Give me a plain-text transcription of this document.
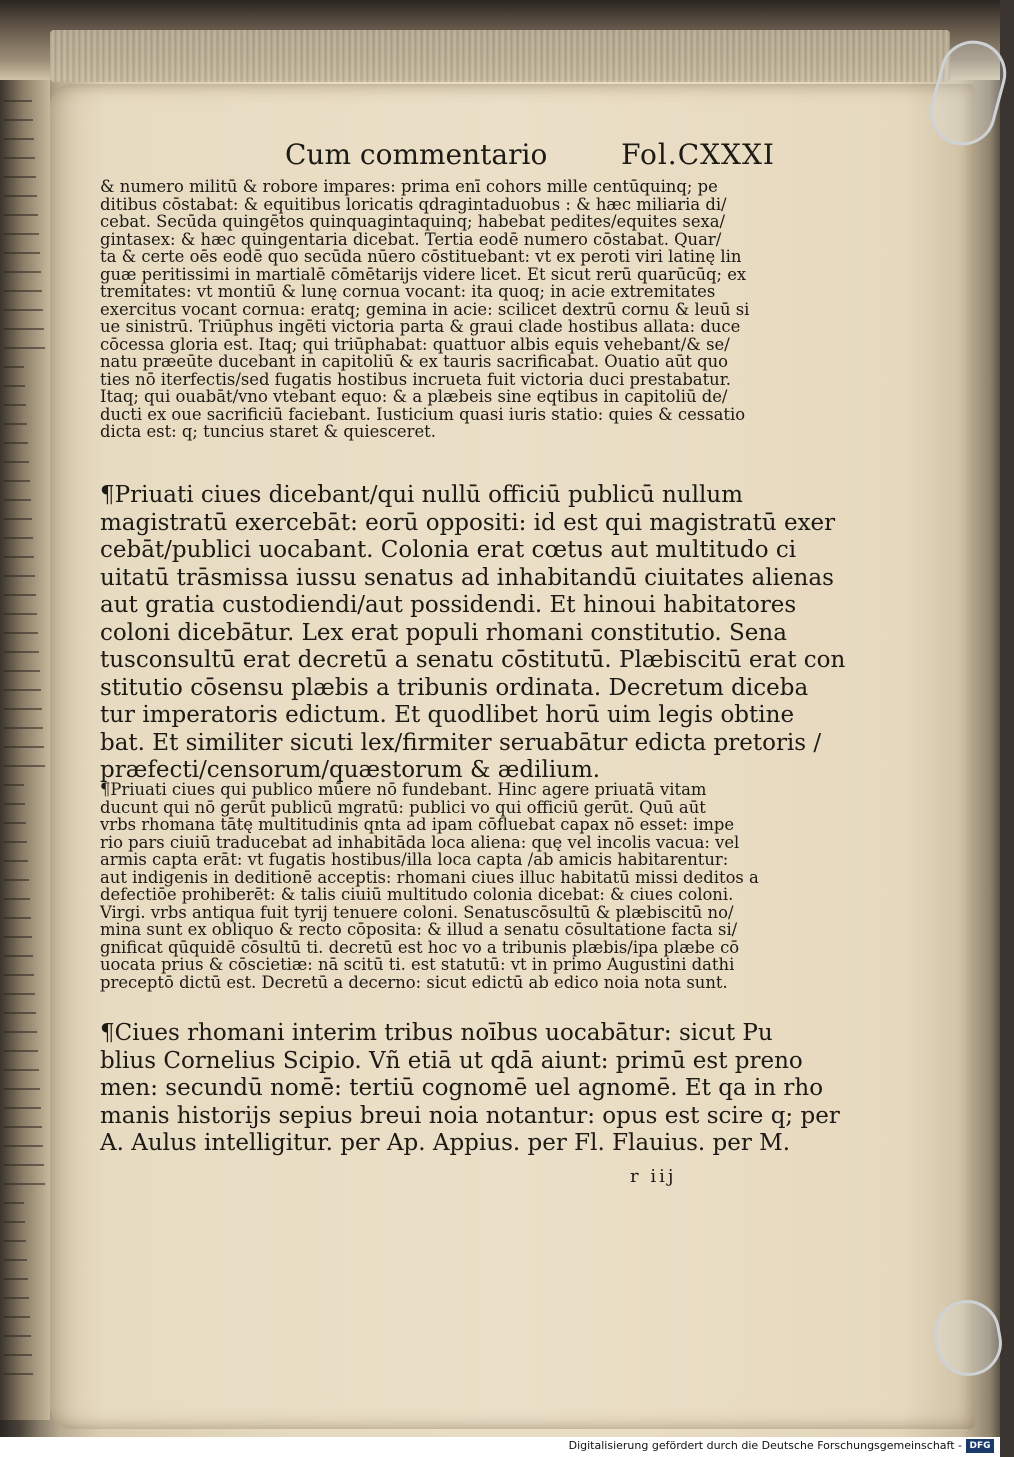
Cum commentario	Fol.CXXXI
& numero militū & robore impares: prima enī cohors mille centūquinq; pe
ditibus cōstabat: & equitibus loricatis qdragintaduobus : & hæc miliaria di/
cebat. Secūda quingētos quinquagintaquinq; habebat pedites/equites sexa/
gintasex: & hæc quingentaria dicebat. Tertia eodē numero cōstabat. Quar/
ta & certe oēs eodē quo secūda nūero cōstituebant: vt ex peroti viri latinę lin
guæ peritissimi in martialē cōmētarijs videre licet. Et sicut rerū quarūcūq; ex
tremitates: vt montiū & lunę cornua vocant: ita quoq; in acie extremitates
exercitus vocant cornua: eratq; gemina in acie: scilicet dextrū cornu & leuū si
ue sinistrū. Triūphus ingēti victoria parta & graui clade hostibus allata: duce
cōcessa gloria est. Itaq; qui triūphabat: quattuor albis equis vehebant/& se/
natu præeūte ducebant in capitoliū & ex tauris sacrificabat. Ouatio aūt quo
ties nō iterfectis/sed fugatis hostibus incrueta fuit victoria duci prestabatur.
Itaq; qui ouabāt/vno vtebant equo: & a plæbeis sine eqtibus in capitoliū de/
ducti ex oue sacrificiū faciebant. Iusticium quasi iuris statio: quies & cessatio
dicta est: q; tuncius staret & quiesceret.
¶Priuati ciues dicebant/qui nullū officiū publicū nullum
magistratū exercebāt: eorū oppositi: id est qui magistratū exer
cebāt/publici uocabant. Colonia erat cœtus aut multitudo ci
uitatū trāsmissa iussu senatus ad inhabitandū ciuitates alienas
aut gratia custodiendi/aut possidendi. Et hinoui habitatores
coloni dicebātur. Lex erat populi rhomani constitutio. Sena
tusconsultū erat decretū a senatu cōstitutū. Plæbiscitū erat con
stitutio cōsensu plæbis a tribunis ordinata. Decretum diceba
tur imperatoris edictum. Et quodlibet horū uim legis obtine
bat. Et similiter sicuti lex/firmiter seruabātur edicta pretoris /
præfecti/censorum/quæstorum & ædilium.
¶Priuati ciues qui publico mūere nō fundebant. Hinc agere priuatā vitam
ducunt qui nō gerūt publicū mgratū: publici vo qui officiū gerūt. Quū aūt
vrbs rhomana tātę multitudinis qnta ad ipam cōfluebat capax nō esset: impe
rio pars ciuiū traducebat ad inhabitāda loca aliena: quę vel incolis vacua: vel
armis capta erāt: vt fugatis hostibus/illa loca capta /ab amicis habitarentur:
aut indigenis in deditionē acceptis: rhomani ciues illuc habitatū missi deditos a
defectiōe prohiberēt: & talis ciuiū multitudo colonia dicebat: & ciues coloni.
Virgi. vrbs antiqua fuit tyrij tenuere coloni. Senatuscōsultū & plæbiscitū no/
mina sunt ex obliquo & recto cōposita: & illud a senatu cōsultatione facta si/
gnificat qūquidē cōsultū ti. decretū est hoc vo a tribunis plæbis/ipa plæbe cō
uocata prius & cōscietiæ: nā scitū ti. est statutū: vt in primo Augustini dathi
preceptō dictū est. Decretū a decerno: sicut edictū ab edico noia nota sunt.
¶Ciues rhomani interim tribus noībus uocabātur: sicut Pu
blius Cornelius Scipio. Vñ etiā ut qdā aiunt: primū est preno
men: secundū nomē: tertiū cognomē uel agnomē. Et qa in rho
manis historijs sepius breui noia notantur: opus est scire q; per
A. Aulus intelligitur. per Ap. Appius. per Fl. Flauius. per M.
r iij
Digitalisierung gefördert durch die Deutsche Forschungsgemeinschaft - DFG
